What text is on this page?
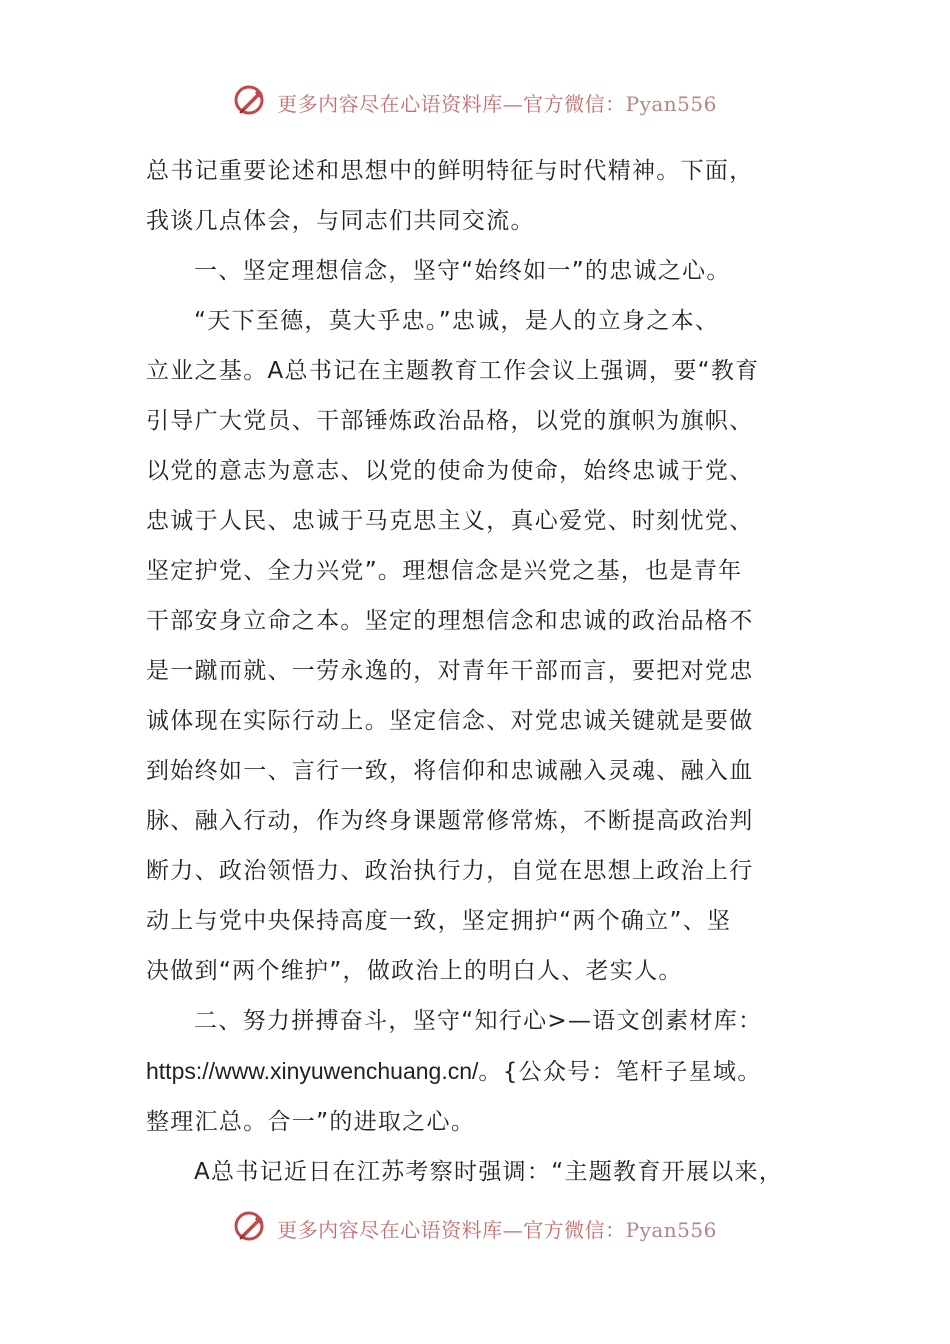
更多内容尽在心语资料库—官方微信：Pyan556

总书记重要论述和思想中的鲜明特征与时代精神。下面，

我谈几点体会，与同志们共同交流。

一、坚定理想信念，坚守“始终如一”的忠诚之心。

“天下至德，莫大乎忠。”忠诚，是人的立身之本、

立业之基。A总书记在主题教育工作会议上强调，要“教育

引导广大党员、干部锤炼政治品格，以党的旗帜为旗帜、

以党的意志为意志、以党的使命为使命，始终忠诚于党、

忠诚于人民、忠诚于马克思主义，真心爱党、时刻忧党、

坚定护党、全力兴党”。理想信念是兴党之基，也是青年

干部安身立命之本。坚定的理想信念和忠诚的政治品格不

是一蹴而就、一劳永逸的，对青年干部而言，要把对党忠

诚体现在实际行动上。坚定信念、对党忠诚关键就是要做

到始终如一、言行一致，将信仰和忠诚融入灵魂、融入血

脉、融入行动，作为终身课题常修常炼，不断提高政治判

断力、政治领悟力、政治执行力，自觉在思想上政治上行

动上与党中央保持高度一致，坚定拥护“两个确立”、坚

决做到“两个维护”，做政治上的明白人、老实人。

二、努力拼搏奋斗，坚守“知行心>—语文创素材库：

https://www.xinyuwenchuang.cn/。{公众号：笔杆子星域。

整理汇总。合一”的进取之心。

A总书记近日在江苏考察时强调：“主题教育开展以来，

更多内容尽在心语资料库—官方微信：Pyan556
